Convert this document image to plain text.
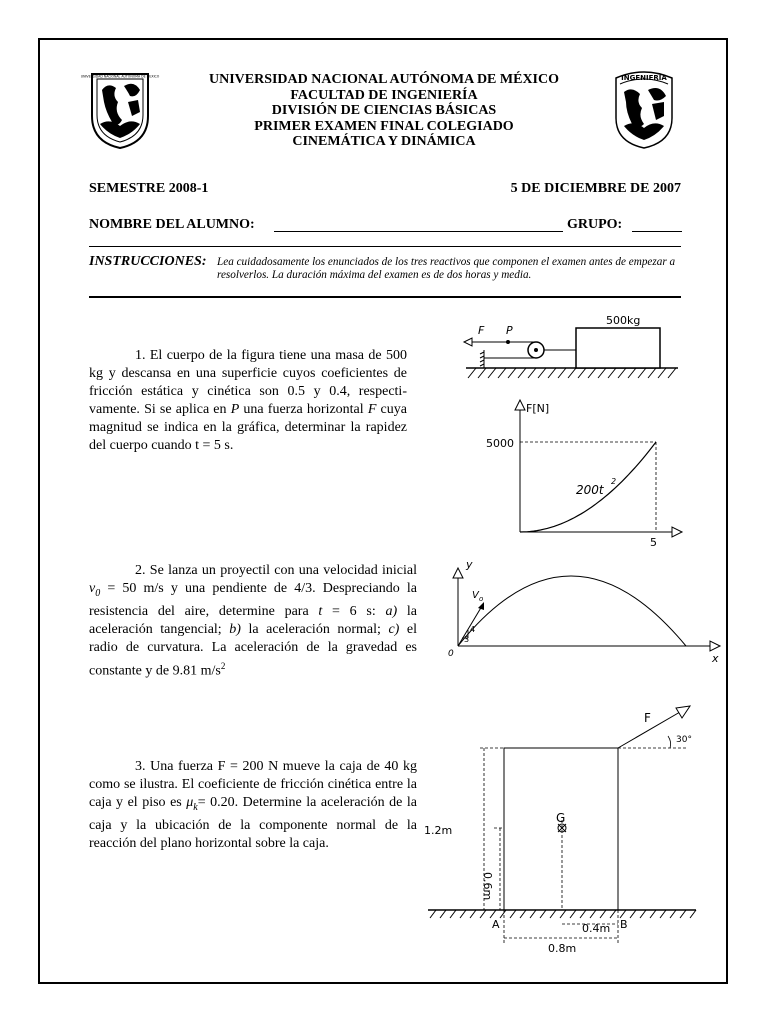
UNIVERSIDAD NACIONAL AUTONOMA DE MEXICO	INGENIERIA
UNIVERSIDAD NACIONAL AUTÓNOMA DE MÉXICO
FACULTAD DE INGENIERÍA
DIVISIÓN DE CIENCIAS BÁSICAS
PRIMER EXAMEN FINAL COLEGIADO
CINEMÁTICA Y DINÁMICA
SEMESTRE 2008-1	5 DE DICIEMBRE DE 2007
NOMBRE DEL ALUMNO:	GRUPO:
INSTRUCCIONES: Lea cuidadosamente los enunciados de los tres reactivos que componen el examen antes de empezar a resolverlos. La duración máxima del examen es de dos horas y media.

1. El cuerpo de la figura tiene una masa de 500 kg y descansa en una superficie cuyos coeficientes de fricción estática y cinética son 0.5 y 0.4, respectivamente. Si se aplica en P una fuerza horizontal F cuya magnitud se indica en la gráfica, determinar la rapidez del cuerpo cuando t = 5 s.

2. Se lanza un proyectil con una velocidad inicial $v_0 = 50$ m/s y una pendiente de 4/3. Despreciando la resistencia del aire, determine para t = 6 s: a) la aceleración tangencial; b) la aceleración normal; c) el radio de curvatura. La aceleración de la gravedad es constante y de 9.81 $m/s^2$

3. Una fuerza F = 200 N mueve la caja de 40 kg como se ilustra. El coeficiente de fricción cinética entre la caja y el piso es $\mu_k= 0.20$. Determine la aceleración de la caja y la ubicación de la componente normal de la reacción del plano horizontal sobre la caja.

500kg
F P
F[N]
5000
5
200t
2
y
x
V o
4
3
0
F
30°
G
1.2m
0.6m
A	B
0.4m
0.8m
